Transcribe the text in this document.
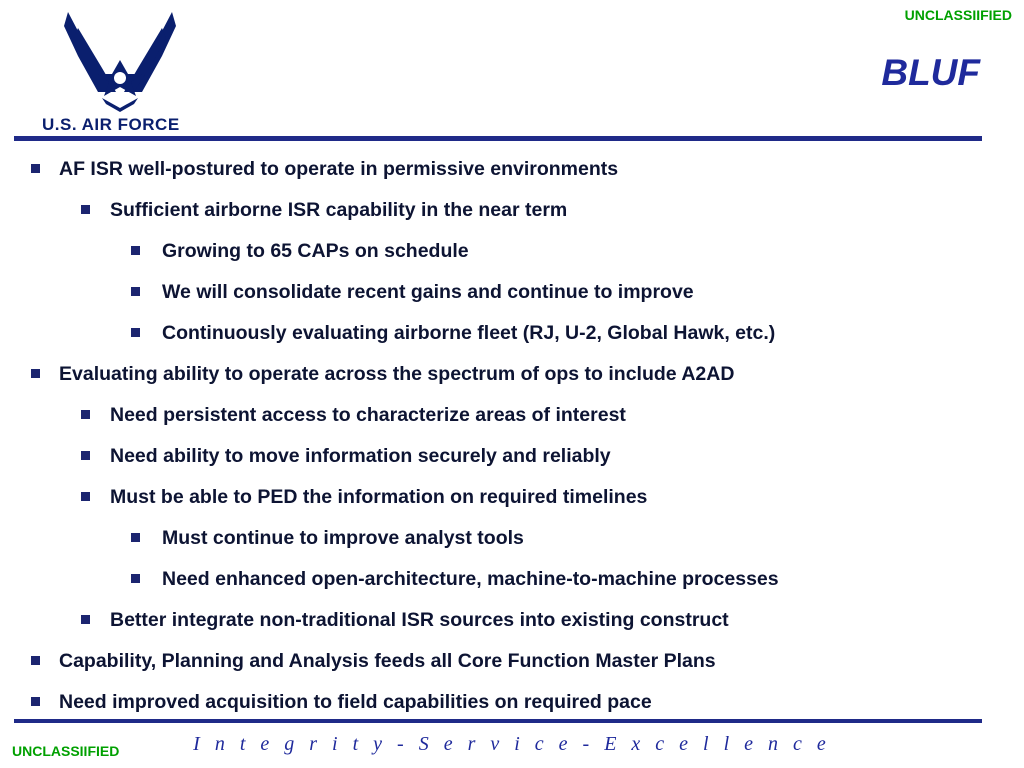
UNCLASSIIFIED
U.S. AIR FORCE
BLUF
AF ISR well-postured to operate in permissive environments
Sufficient airborne ISR capability in the near term
Growing to 65 CAPs on schedule
We will consolidate recent gains and continue to improve
Continuously evaluating airborne fleet (RJ, U-2, Global Hawk, etc.)
Evaluating ability to operate across the spectrum of ops to include A2AD
Need persistent access to characterize areas of interest
Need ability to move information securely and reliably
Must be able to PED the information on required timelines
Must continue to improve analyst tools
Need enhanced open-architecture, machine-to-machine processes
Better integrate non-traditional ISR sources into existing construct
Capability, Planning and Analysis feeds all Core Function Master Plans
Need improved acquisition to field capabilities on required pace
UNCLASSIIFIED	I n t e g r i t y - S e r v i c e - E x c e l l e n c e
